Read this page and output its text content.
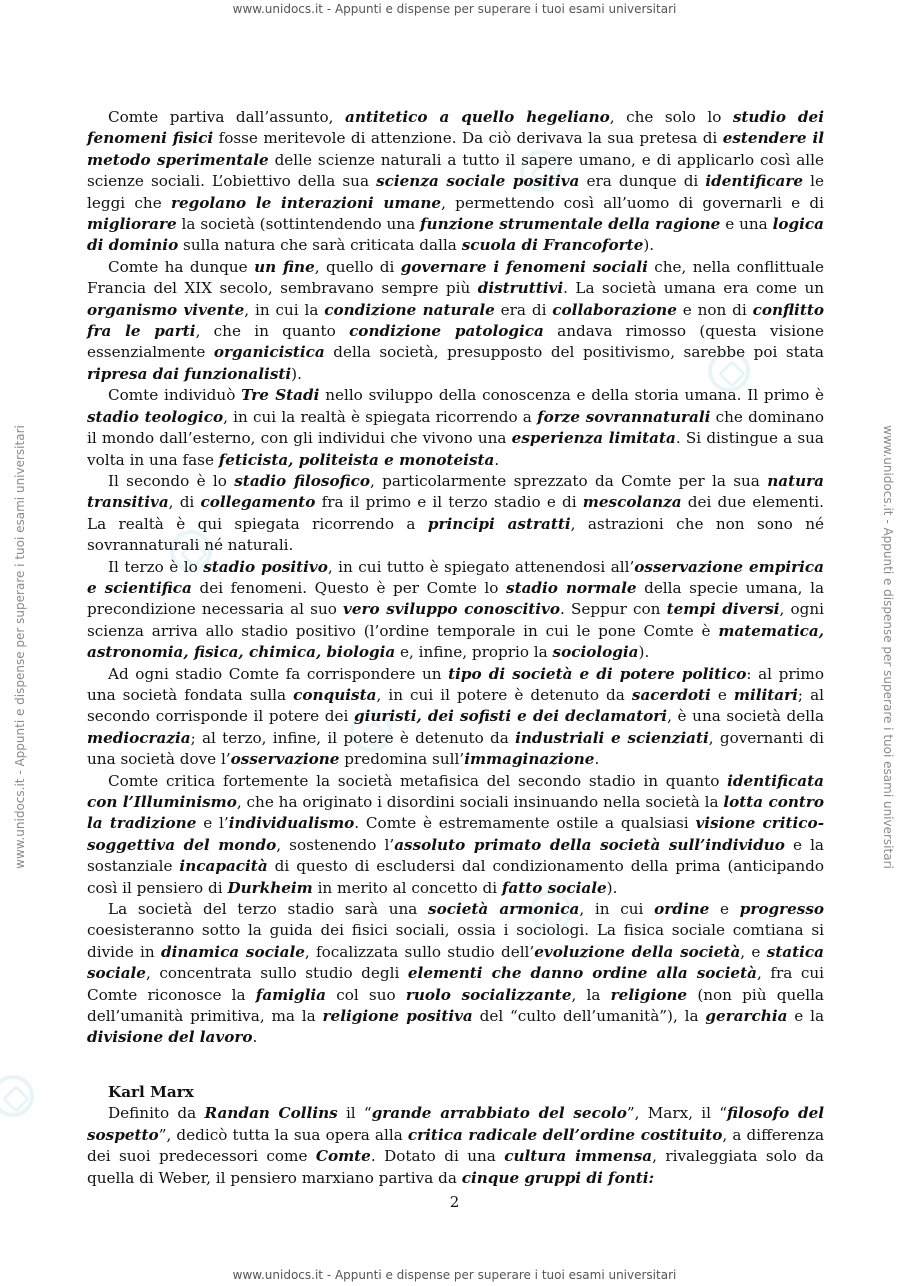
www.unidocs.it - Appunti e dispense per superare i tuoi esami universitari
www.unidocs.it - Appunti e dispense per superare i tuoi esami universitari	www.unidocs.it - Appunti e dispense per superare i tuoi esami universitari

Comte partiva dall’assunto, antitetico a quello hegeliano, che solo lo studio dei fenomeni fisici fosse meritevole di attenzione. Da ciò derivava la sua pretesa di estendere il metodo sperimentale delle scienze naturali a tutto il sapere umano, e di applicarlo così alle scienze sociali. L’obiettivo della sua scienza sociale positiva era dunque di identificare le leggi che regolano le interazioni umane, permettendo così all’uomo di governarli e di migliorare la società (sottintendendo una funzione strumentale della ragione e una logica di dominio sulla natura che sarà criticata dalla scuola di Francoforte).

Comte ha dunque un fine, quello di governare i fenomeni sociali che, nella conflittuale Francia del XIX secolo, sembravano sempre più distruttivi. La società umana era come un organismo vivente, in cui la condizione naturale era di collaborazione e non di conflitto fra le parti, che in quanto condizione patologica andava rimosso (questa visione essenzialmente organicistica della società, presupposto del positivismo, sarebbe poi stata ripresa dai funzionalisti).

Comte individuò Tre Stadi nello sviluppo della conoscenza e della storia umana. Il primo è stadio teologico, in cui la realtà è spiegata ricorrendo a forze sovrannaturali che dominano il mondo dall’esterno, con gli individui che vivono una esperienza limitata. Si distingue a sua volta in una fase feticista, politeista e monoteista.

Il secondo è lo stadio filosofico, particolarmente sprezzato da Comte per la sua natura transitiva, di collegamento fra il primo e il terzo stadio e di mescolanza dei due elementi. La realtà è qui spiegata ricorrendo a principi astratti, astrazioni che non sono né sovrannaturali né naturali.

Il terzo è lo stadio positivo, in cui tutto è spiegato attenendosi all’osservazione empirica e scientifica dei fenomeni. Questo è per Comte lo stadio normale della specie umana, la precondizione necessaria al suo vero sviluppo conoscitivo. Seppur con tempi diversi, ogni scienza arriva allo stadio positivo (l’ordine temporale in cui le pone Comte è matematica, astronomia, fisica, chimica, biologia e, infine, proprio la sociologia).

Ad ogni stadio Comte fa corrispondere un tipo di società e di potere politico: al primo una società fondata sulla conquista, in cui il potere è detenuto da sacerdoti e militari; al secondo corrisponde il potere dei giuristi, dei sofisti e dei declamatori, è una società della mediocrazia; al terzo, infine, il potere è detenuto da industriali e scienziati, governanti di una società dove l’osservazione predomina sull’immaginazione.

Comte critica fortemente la società metafisica del secondo stadio in quanto identificata con l’Illuminismo, che ha originato i disordini sociali insinuando nella società la lotta contro la tradizione e l’individualismo. Comte è estremamente ostile a qualsiasi visione critico-soggettiva del mondo, sostenendo l’assoluto primato della società sull’individuo e la sostanziale incapacità di questo di escludersi dal condizionamento della prima (anticipando così il pensiero di Durkheim in merito al concetto di fatto sociale).

La società del terzo stadio sarà una società armonica, in cui ordine e progresso coesisteranno sotto la guida dei fisici sociali, ossia i sociologi. La fisica sociale comtiana si divide in dinamica sociale, focalizzata sullo studio dell’evoluzione della società, e statica sociale, concentrata sullo studio degli elementi che danno ordine alla società, fra cui Comte riconosce la famiglia col suo ruolo socializzante, la religione (non più quella dell’umanità primitiva, ma la religione positiva del “culto dell’umanità”), la gerarchia e la divisione del lavoro.

Karl Marx

Definito da Randan Collins il “grande arrabbiato del secolo”, Marx, il “filosofo del sospetto”, dedicò tutta la sua opera alla critica radicale dell’ordine costituito, a differenza dei suoi predecessori come Comte. Dotato di una cultura immensa, rivaleggiata solo da quella di Weber, il pensiero marxiano partiva da cinque gruppi di fonti:

2
www.unidocs.it - Appunti e dispense per superare i tuoi esami universitari
